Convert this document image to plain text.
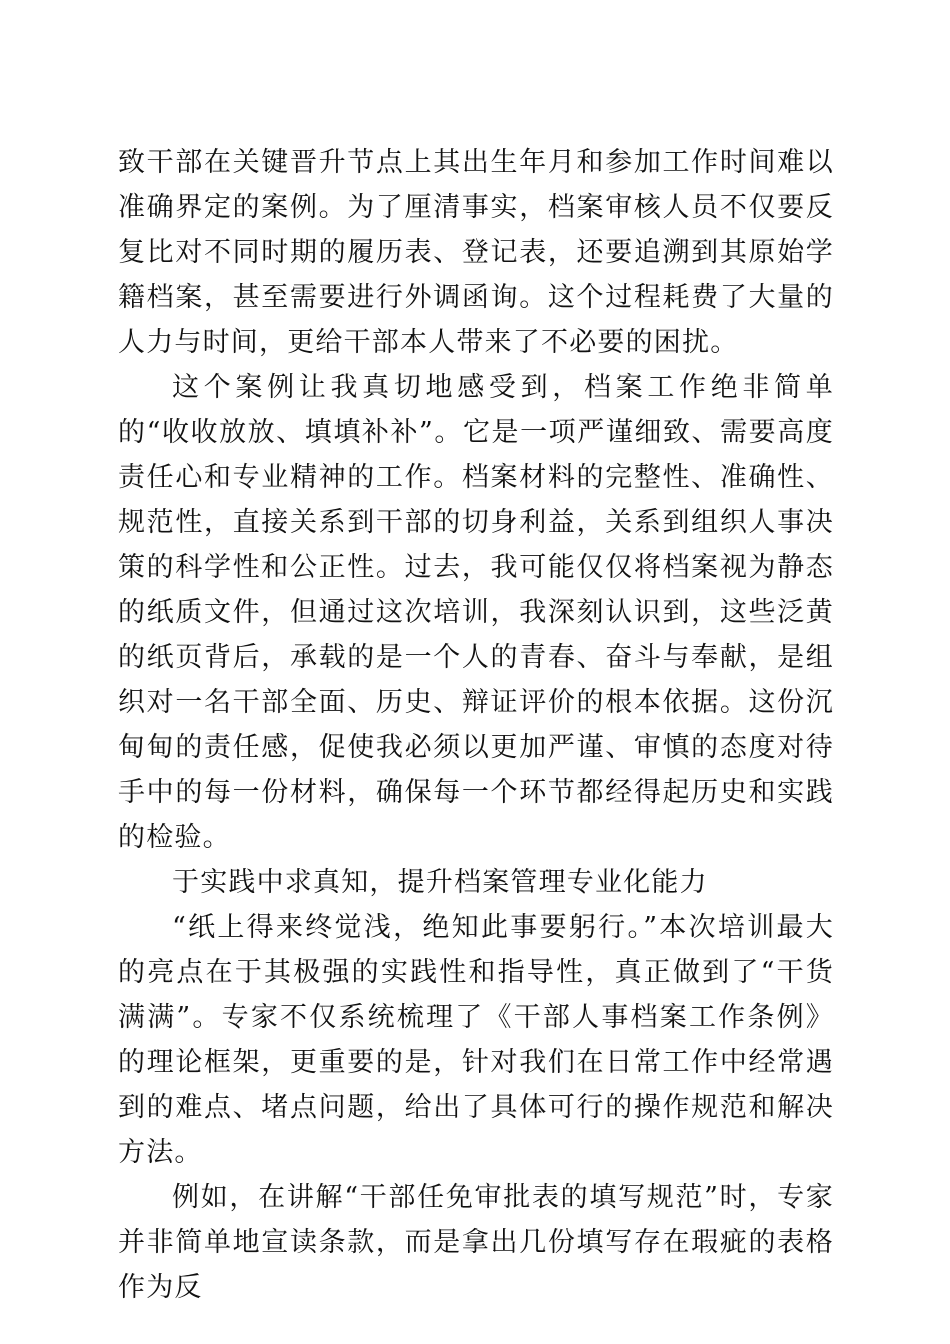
致干部在关键晋升节点上其出生年月和参加工作时间难以准确界定的案例。为了厘清事实，档案审核人员不仅要反复比对不同时期的履历表、登记表，还要追溯到其原始学籍档案，甚至需要进行外调函询。这个过程耗费了大量的人力与时间，更给干部本人带来了不必要的困扰。

这个案例让我真切地感受到，档案工作绝非简单的“收收放放、填填补补”。它是一项严谨细致、需要高度责任心和专业精神的工作。档案材料的完整性、准确性、规范性，直接关系到干部的切身利益，关系到组织人事决策的科学性和公正性。过去，我可能仅仅将档案视为静态的纸质文件，但通过这次培训，我深刻认识到，这些泛黄的纸页背后，承载的是一个人的青春、奋斗与奉献，是组织对一名干部全面、历史、辩证评价的根本依据。这份沉甸甸的责任感，促使我必须以更加严谨、审慎的态度对待手中的每一份材料，确保每一个环节都经得起历史和实践的检验。

于实践中求真知，提升档案管理专业化能力

“纸上得来终觉浅，绝知此事要躬行。”本次培训最大的亮点在于其极强的实践性和指导性，真正做到了“干货满满”。专家不仅系统梳理了《干部人事档案工作条例》的理论框架，更重要的是，针对我们在日常工作中经常遇到的难点、堵点问题，给出了具体可行的操作规范和解决方法。

例如，在讲解“干部任免审批表的填写规范”时，专家并非简单地宣读条款，而是拿出几份填写存在瑕疵的表格作为反
